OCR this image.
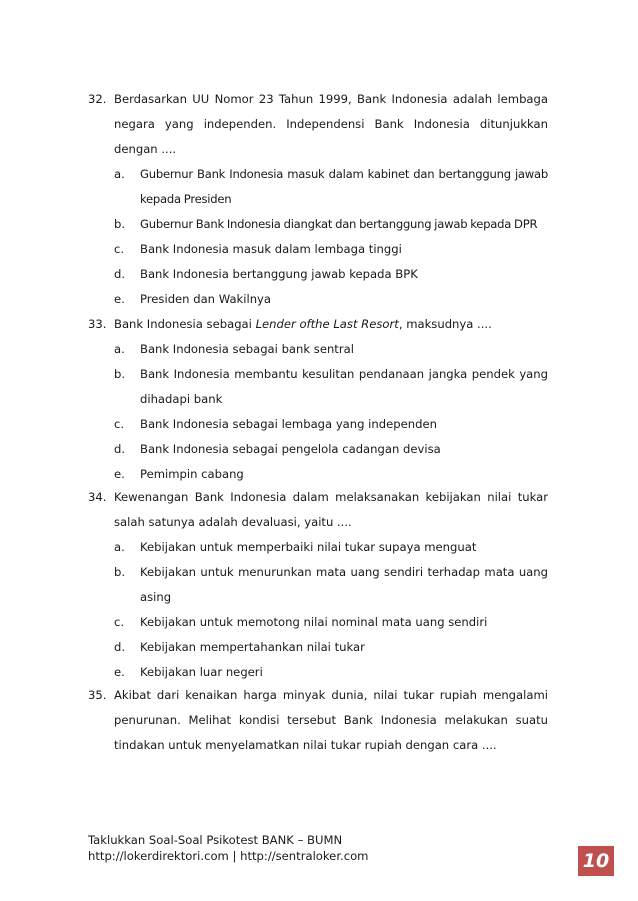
32. Berdasarkan UU Nomor 23 Tahun 1999, Bank Indonesia adalah lembaga negara yang independen. Independensi Bank Indonesia ditunjukkan dengan ....
a. Gubernur Bank Indonesia masuk dalam kabinet dan bertanggung jawab kepada Presiden
b. Gubernur Bank Indonesia diangkat dan bertanggung jawab kepada DPR
c. Bank Indonesia masuk dalam lembaga tinggi
d. Bank Indonesia bertanggung jawab kepada BPK
e. Presiden dan Wakilnya
33. Bank Indonesia sebagai Lender ofthe Last Resort, maksudnya ....
a. Bank Indonesia sebagai bank sentral
b. Bank Indonesia membantu kesulitan pendanaan jangka pendek yang dihadapi bank
c. Bank Indonesia sebagai lembaga yang independen
d. Bank Indonesia sebagai pengelola cadangan devisa
e. Pemimpin cabang
34. Kewenangan Bank Indonesia dalam melaksanakan kebijakan nilai tukar salah satunya adalah devaluasi, yaitu ....
a. Kebijakan untuk memperbaiki nilai tukar supaya menguat
b. Kebijakan untuk menurunkan mata uang sendiri terhadap mata uang asing
c. Kebijakan untuk memotong nilai nominal mata uang sendiri
d. Kebijakan mempertahankan nilai tukar
e. Kebijakan luar negeri
35. Akibat dari kenaikan harga minyak dunia, nilai tukar rupiah mengalami penurunan. Melihat kondisi tersebut Bank Indonesia melakukan suatu tindakan untuk menyelamatkan nilai tukar rupiah dengan cara ....
Taklukkan Soal-Soal Psikotest BANK – BUMN
http://lokerdirektori.com | http://sentraloker.com	10
